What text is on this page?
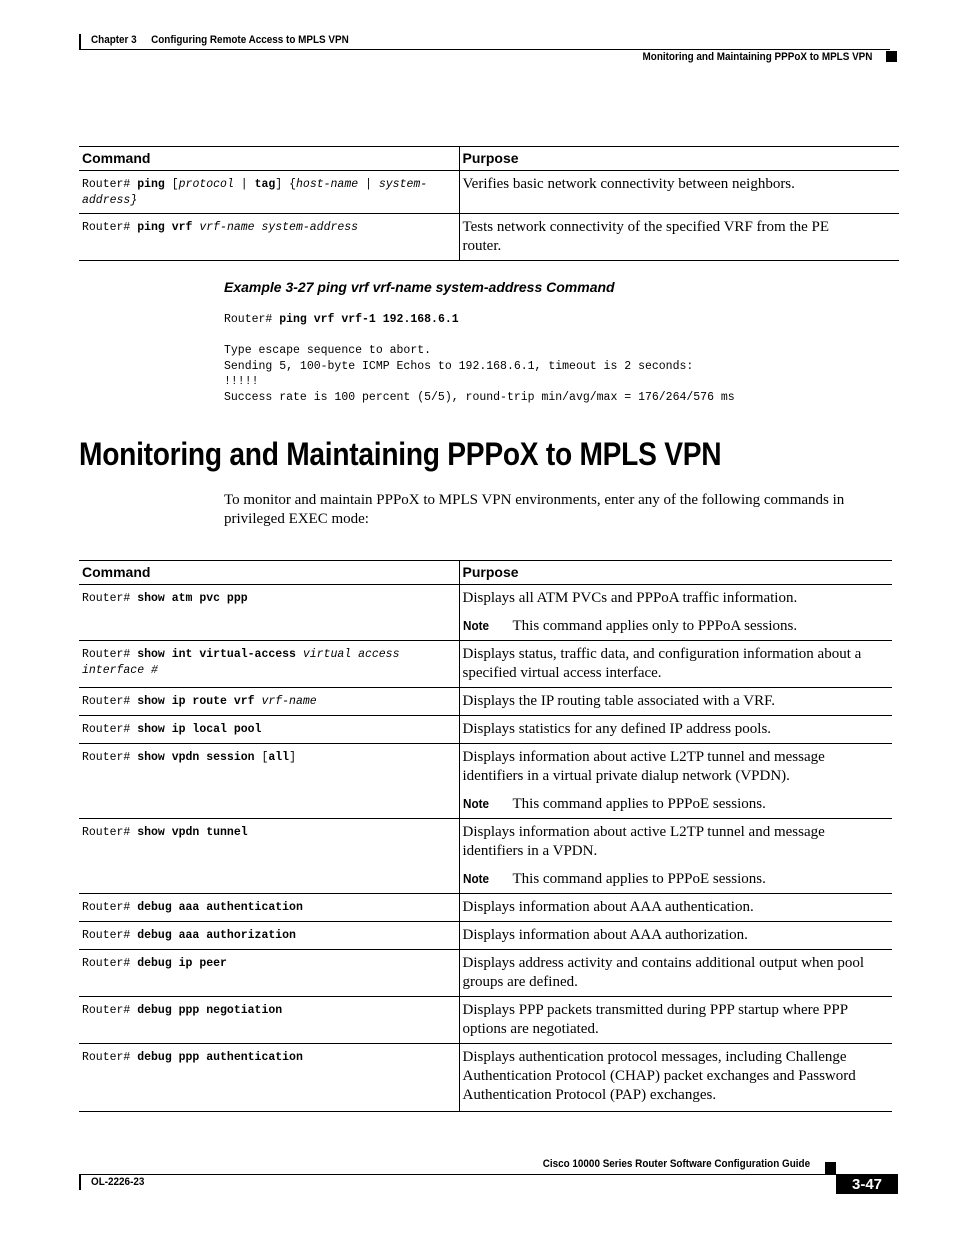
Chapter 3 Configuring Remote Access to MPLS VPN
Monitoring and Maintaining PPPoX to MPLS VPN
Command	Purpose
Router# ping [protocol | tag] {host-name | system-address}	Verifies basic network connectivity between neighbors.
Router# ping vrf vrf-name system-address	Tests network connectivity of the specified VRF from the PE router.
Example 3-27 ping vrf vrf-name system-address Command
Router# ping vrf vrf-1 192.168.6.1

Type escape sequence to abort.
Sending 5, 100-byte ICMP Echos to 192.168.6.1, timeout is 2 seconds:
!!!!!
Success rate is 100 percent (5/5), round-trip min/avg/max = 176/264/576 ms
Monitoring and Maintaining PPPoX to MPLS VPN
To monitor and maintain PPPoX to MPLS VPN environments, enter any of the following commands in privileged EXEC mode:
Command	Purpose
Router# show atm pvc ppp	Displays all ATM PVCs and PPPoA traffic information.
Note This command applies only to PPPoA sessions.

Router# show int virtual-access virtual access interface #	Displays status, traffic data, and configuration information about a specified virtual access interface.
Router# show ip route vrf vrf-name	Displays the IP routing table associated with a VRF.
Router# show ip local pool	Displays statistics for any defined IP address pools.
Router# show vpdn session [all]	Displays information about active L2TP tunnel and message identifiers in a virtual private dialup network (VPDN).
Note This command applies to PPPoE sessions.

Router# show vpdn tunnel	Displays information about active L2TP tunnel and message identifiers in a VPDN.
Note This command applies to PPPoE sessions.

Router# debug aaa authentication	Displays information about AAA authentication.
Router# debug aaa authorization	Displays information about AAA authorization.
Router# debug ip peer	Displays address activity and contains additional output when pool groups are defined.
Router# debug ppp negotiation	Displays PPP packets transmitted during PPP startup where PPP options are negotiated.
Router# debug ppp authentication	Displays authentication protocol messages, including Challenge Authentication Protocol (CHAP) packet exchanges and Password Authentication Protocol (PAP) exchanges.
Cisco 10000 Series Router Software Configuration Guide
OL-2226-23	3-47
